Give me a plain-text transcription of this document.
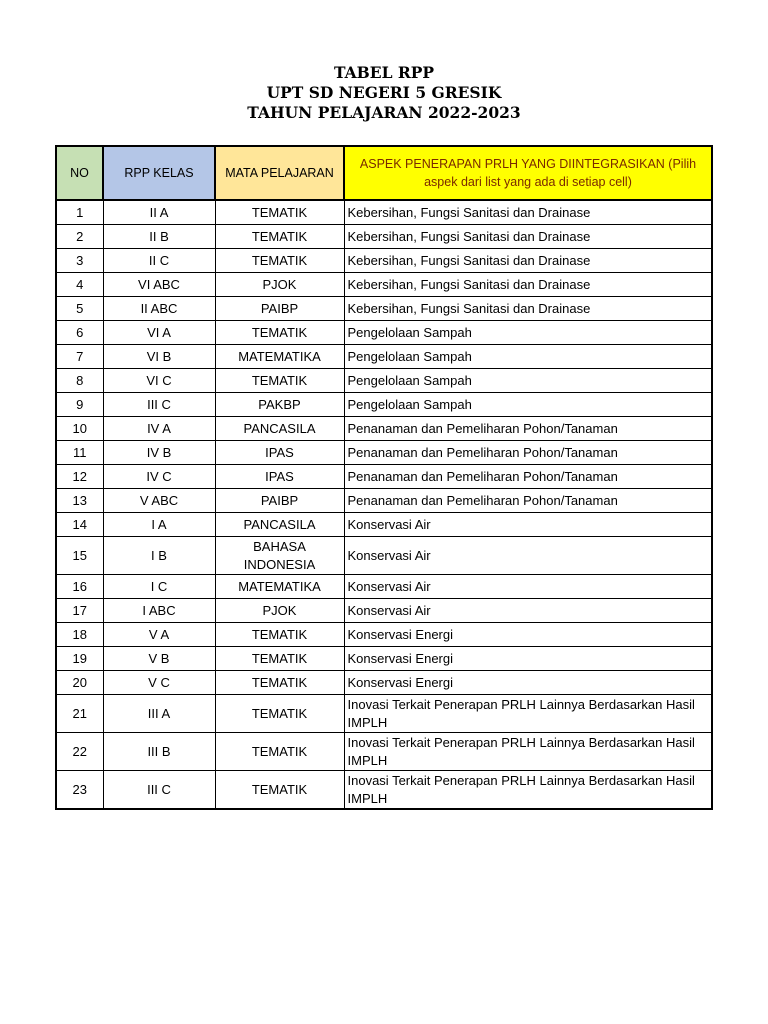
TABEL RPP
UPT SD NEGERI 5 GRESIK
TAHUN PELAJARAN 2022-2023
NO	RPP KELAS	MATA PELAJARAN	ASPEK PENERAPAN PRLH YANG DIINTEGRASIKAN (Pilih aspek dari list yang ada di setiap cell)
1	II A	TEMATIK	Kebersihan, Fungsi Sanitasi dan Drainase
2	II B	TEMATIK	Kebersihan, Fungsi Sanitasi dan Drainase
3	II C	TEMATIK	Kebersihan, Fungsi Sanitasi dan Drainase
4	VI ABC	PJOK	Kebersihan, Fungsi Sanitasi dan Drainase
5	II ABC	PAIBP	Kebersihan, Fungsi Sanitasi dan Drainase
6	VI A	TEMATIK	Pengelolaan Sampah
7	VI B	MATEMATIKA	Pengelolaan Sampah
8	VI C	TEMATIK	Pengelolaan Sampah
9	III C	PAKBP	Pengelolaan Sampah
10	IV A	PANCASILA	Penanaman dan Pemeliharan Pohon/Tanaman
11	IV B	IPAS	Penanaman dan Pemeliharan Pohon/Tanaman
12	IV C	IPAS	Penanaman dan Pemeliharan Pohon/Tanaman
13	V ABC	PAIBP	Penanaman dan Pemeliharan Pohon/Tanaman
14	I A	PANCASILA	Konservasi Air
15	I B	BAHASA INDONESIA	Konservasi Air
16	I C	MATEMATIKA	Konservasi Air
17	I ABC	PJOK	Konservasi Air
18	V A	TEMATIK	Konservasi Energi
19	V B	TEMATIK	Konservasi Energi
20	V C	TEMATIK	Konservasi Energi
21	III A	TEMATIK	Inovasi Terkait Penerapan PRLH Lainnya Berdasarkan Hasil IMPLH
22	III B	TEMATIK	Inovasi Terkait Penerapan PRLH Lainnya Berdasarkan Hasil IMPLH
23	III C	TEMATIK	Inovasi Terkait Penerapan PRLH Lainnya Berdasarkan Hasil IMPLH
